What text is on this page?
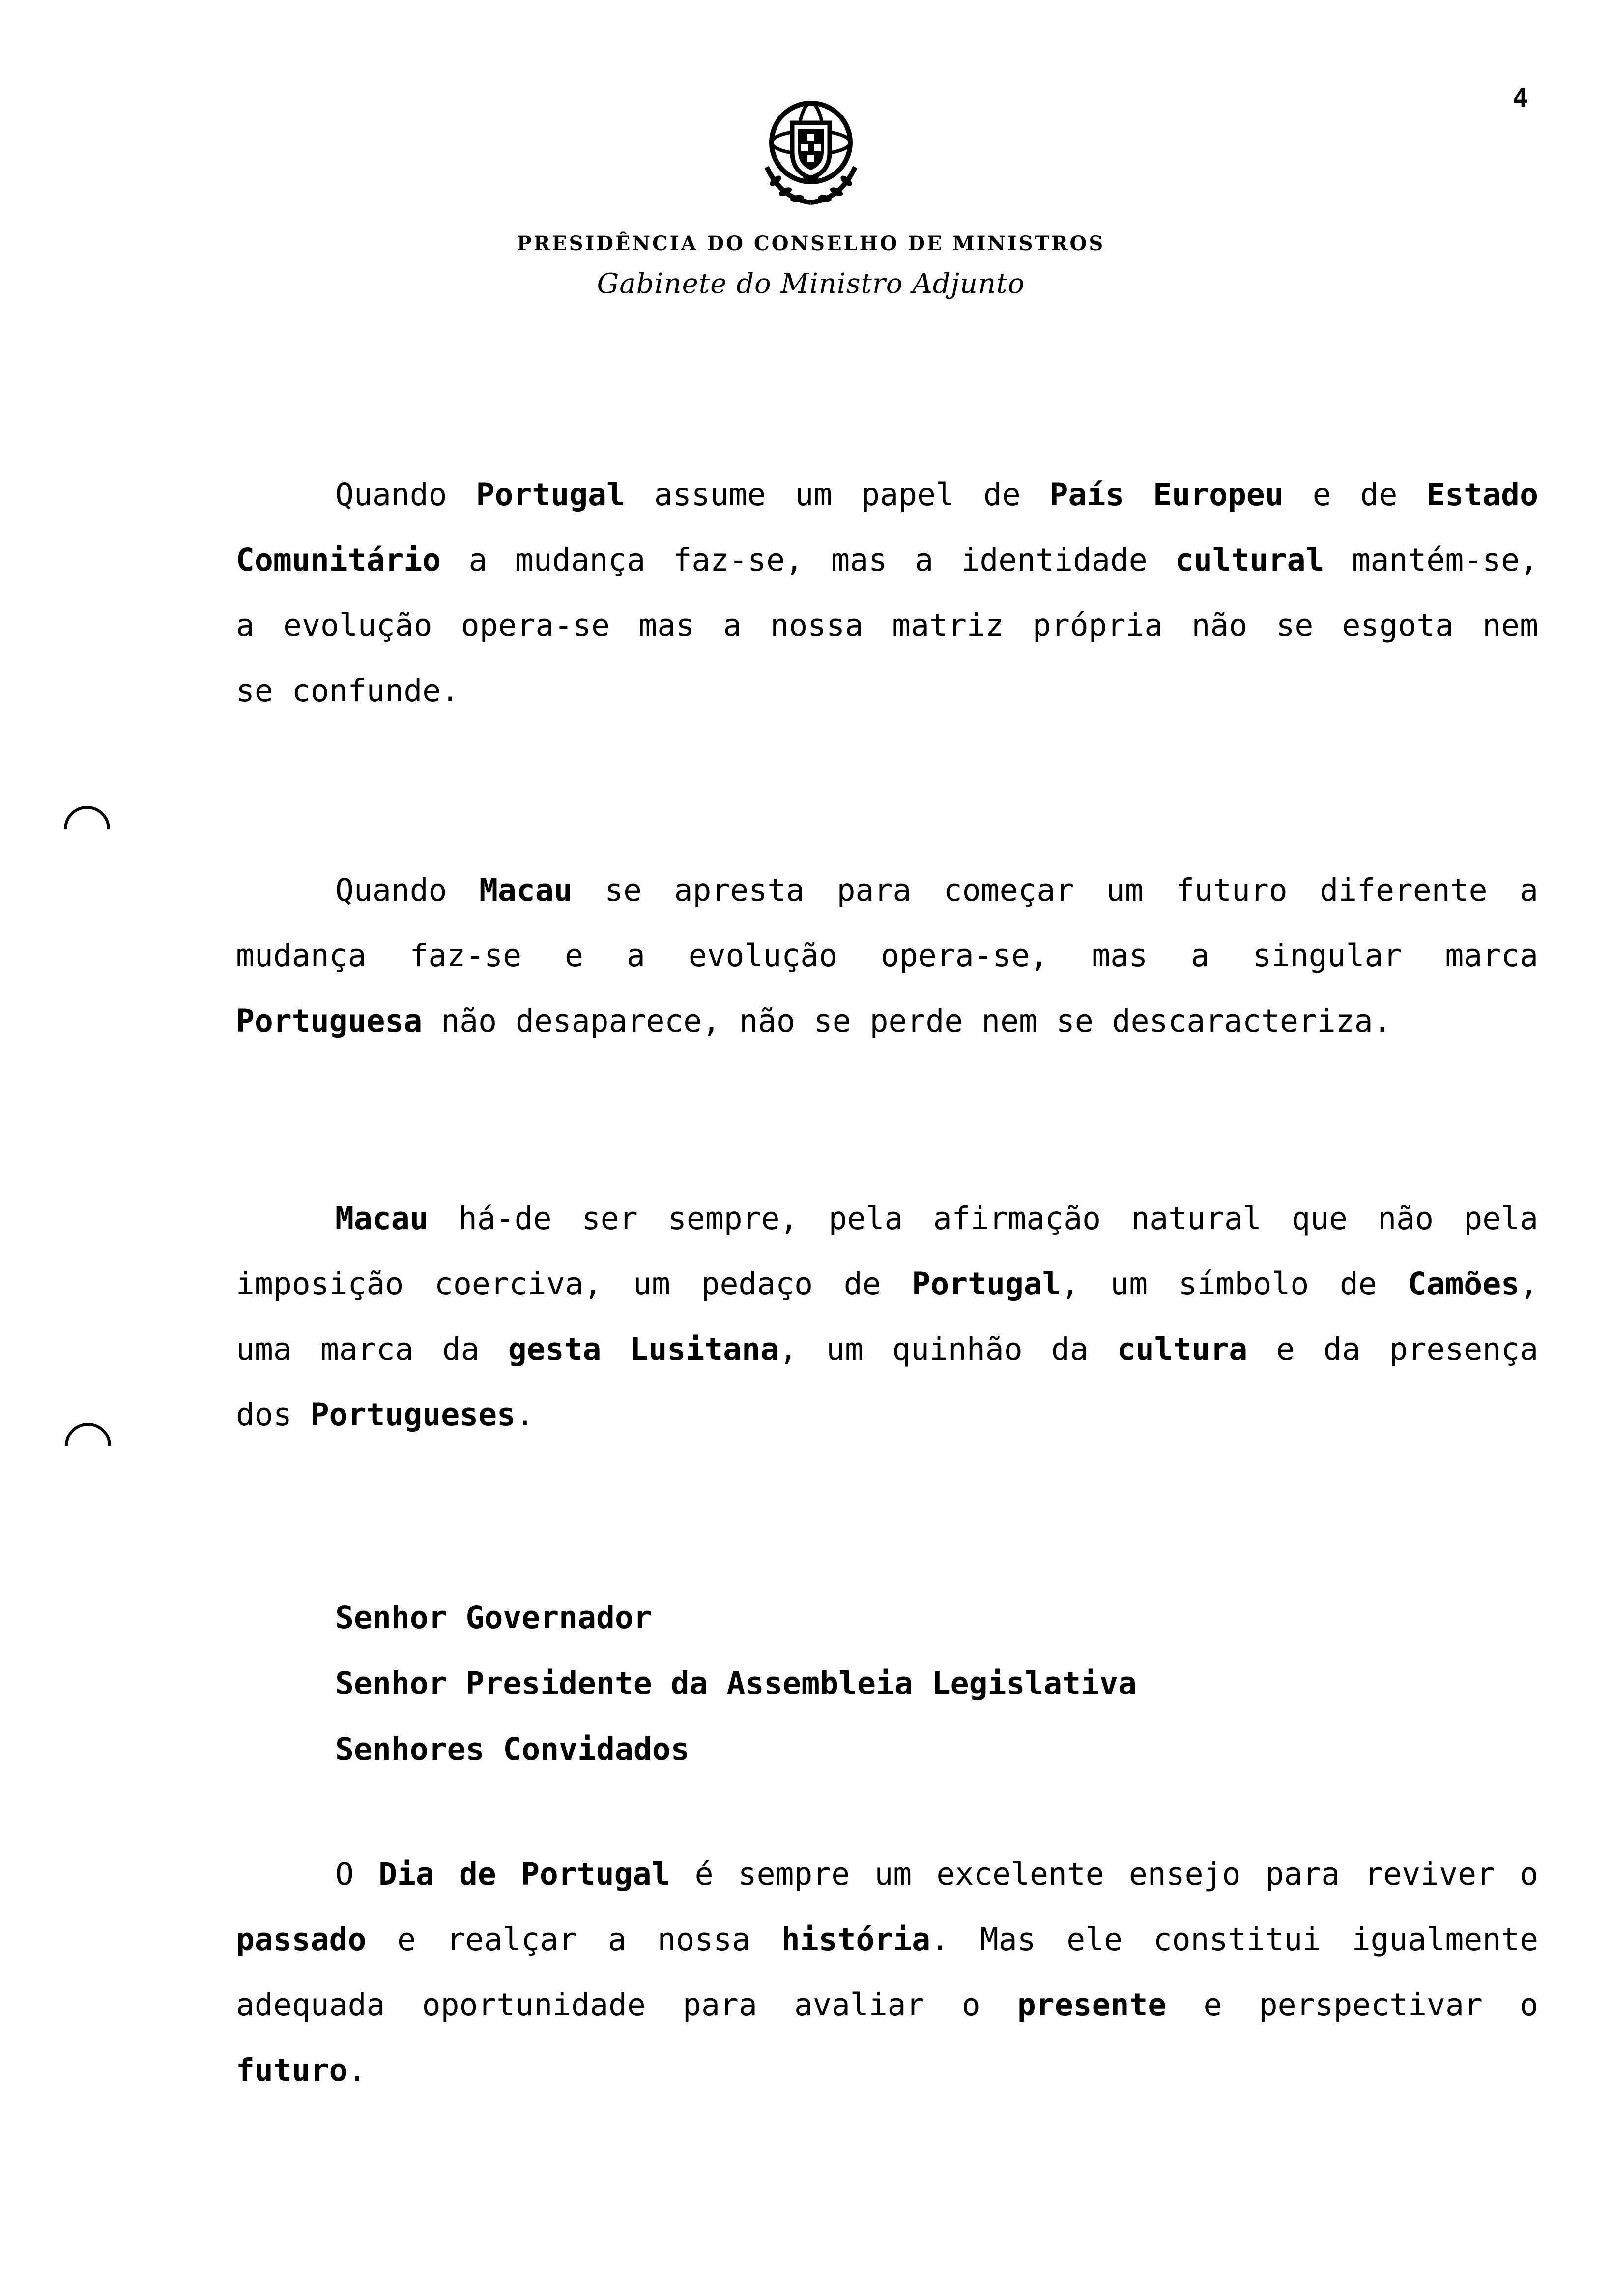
4
PRESIDÊNCIA DO CONSELHO DE MINISTROS
Gabinete do Ministro Adjunto
Quando Portugal assume um papel de País Europeu e de Estado
Comunitário a mudança faz-se, mas a identidade cultural mantém-se,
a evolução opera-se mas a nossa matriz própria não se esgota nem
se confunde.
Quando Macau se apresta para começar um futuro diferente a
mudança faz-se e a evolução opera-se, mas a singular marca
Portuguesa não desaparece, não se perde nem se descaracteriza.
Macau há-de ser sempre, pela afirmação natural que não pela
imposição coerciva, um pedaço de Portugal, um símbolo de Camões,
uma marca da gesta Lusitana, um quinhão da cultura e da presença
dos Portugueses.
Senhor Governador
Senhor Presidente da Assembleia Legislativa
Senhores Convidados
O Dia de Portugal é sempre um excelente ensejo para reviver o
passado e realçar a nossa história. Mas ele constitui igualmente
adequada oportunidade para avaliar o presente e perspectivar o
futuro.
